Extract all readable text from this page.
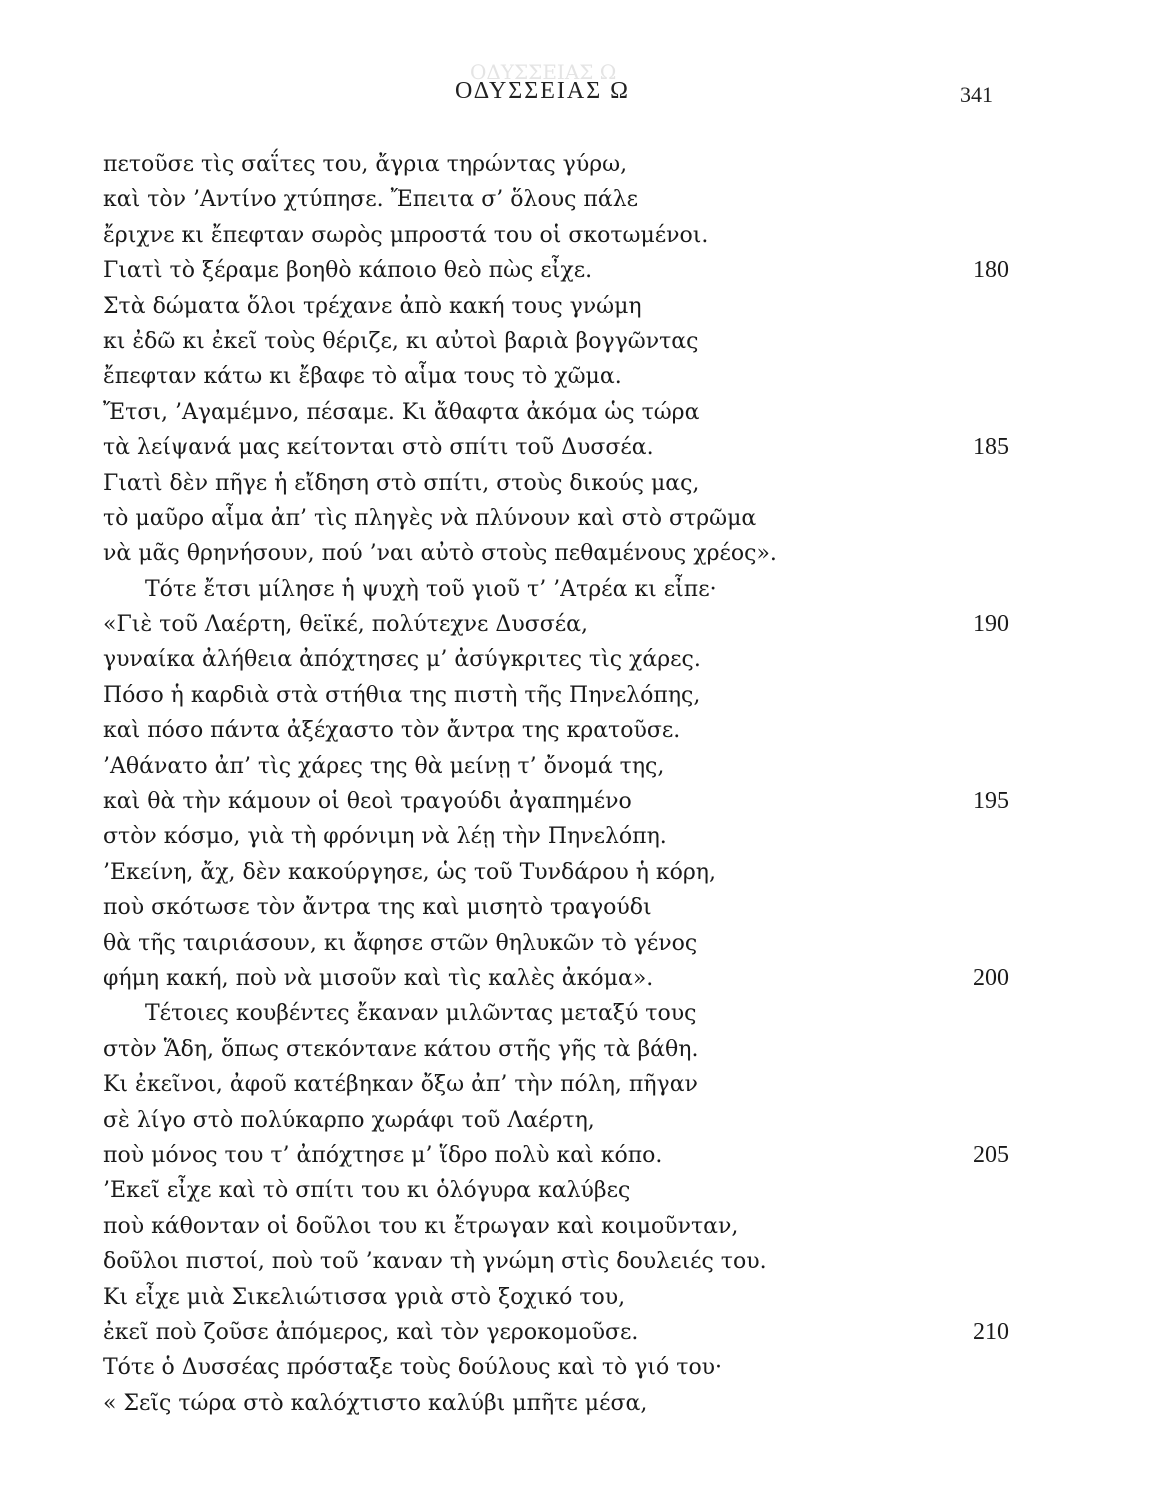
ΟΔΥΣΣΕΙΑΣ Ω
ΟΔΥΣΣΕΙΑΣ Ω	341
πετοῦσε τὶς σαΐτες του, ἄγρια τηρώντας γύρω,
καὶ τὸν ’Αντίνο χτύπησε. Ἔπειτα σ’ ὅλους πάλε
ἔριχνε κι ἔπεφταν σωρὸς μπροστά του οἱ σκοτωμένοι.
Γιατὶ τὸ ξέραμε βοηθὸ κάποιο θεὸ πὼς εἶχε.	180
Στὰ δώματα ὅλοι τρέχανε ἀπὸ κακή τους γνώμη
κι ἐδῶ κι ἐκεῖ τοὺς θέριζε, κι αὐτοὶ βαριὰ βογγῶντας
ἔπεφταν κάτω κι ἔβαφε τὸ αἷμα τους τὸ χῶμα.
Ἔτσι, ’Αγαμέμνο, πέσαμε. Κι ἄθαφτα ἀκόμα ὡς τώρα
τὰ λείψανά μας κείτονται στὸ σπίτι τοῦ Δυσσέα.	185
Γιατὶ δὲν πῆγε ἡ εἴδηση στὸ σπίτι, στοὺς δικούς μας,
τὸ μαῦρο αἷμα ἀπ’ τὶς πληγὲς νὰ πλύνουν καὶ στὸ στρῶμα
νὰ μᾶς θρηνήσουν, πού ’ναι αὐτὸ στοὺς πεθαμένους χρέος».
Τότε ἔτσι μίλησε ἡ ψυχὴ τοῦ γιοῦ τ’ ’Ατρέα κι εἶπε·
«Γιὲ τοῦ Λαέρτη, θεϊκέ, πολύτεχνε Δυσσέα,	190
γυναίκα ἀλήθεια ἀπόχτησες μ’ ἀσύγκριτες τὶς χάρες.
Πόσο ἡ καρδιὰ στὰ στήθια της πιστὴ τῆς Πηνελόπης,
καὶ πόσο πάντα ἀξέχαστο τὸν ἄντρα της κρατοῦσε.
’Αθάνατο ἀπ’ τὶς χάρες της θὰ μείνῃ τ’ ὄνομά της,
καὶ θὰ τὴν κάμουν οἱ θεοὶ τραγούδι ἀγαπημένο	195
στὸν κόσμο, γιὰ τὴ φρόνιμη νὰ λέῃ τὴν Πηνελόπη.
’Εκείνη, ἄχ, δὲν κακούργησε, ὡς τοῦ Τυνδάρου ἡ κόρη,
ποὺ σκότωσε τὸν ἄντρα της καὶ μισητὸ τραγούδι
θὰ τῆς ταιριάσουν, κι ἄφησε στῶν θηλυκῶν τὸ γένος
φήμη κακή, ποὺ νὰ μισοῦν καὶ τὶς καλὲς ἀκόμα».	200
Τέτοιες κουβέντες ἔκαναν μιλῶντας μεταξύ τους
στὸν Ἅδη, ὅπως στεκόντανε κάτου στῆς γῆς τὰ βάθη.
Κι ἐκεῖνοι, ἀφοῦ κατέβηκαν ὄξω ἀπ’ τὴν πόλη, πῆγαν
σὲ λίγο στὸ πολύκαρπο χωράφι τοῦ Λαέρτη,
ποὺ μόνος του τ’ ἀπόχτησε μ’ ἵδρο πολὺ καὶ κόπο.	205
’Εκεῖ εἶχε καὶ τὸ σπίτι του κι ὁλόγυρα καλύβες
ποὺ κάθονταν οἱ δοῦλοι του κι ἔτρωγαν καὶ κοιμοῦνταν,
δοῦλοι πιστοί, ποὺ τοῦ ’καναν τὴ γνώμη στὶς δουλειές του.
Κι εἶχε μιὰ Σικελιώτισσα γριὰ στὸ ξοχικό του,
ἐκεῖ ποὺ ζοῦσε ἀπόμερος, καὶ τὸν γεροκομοῦσε.	210
Τότε ὁ Δυσσέας πρόσταξε τοὺς δούλους καὶ τὸ γιό του·
« Σεῖς τώρα στὸ καλόχτιστο καλύβι μπῆτε μέσα,
